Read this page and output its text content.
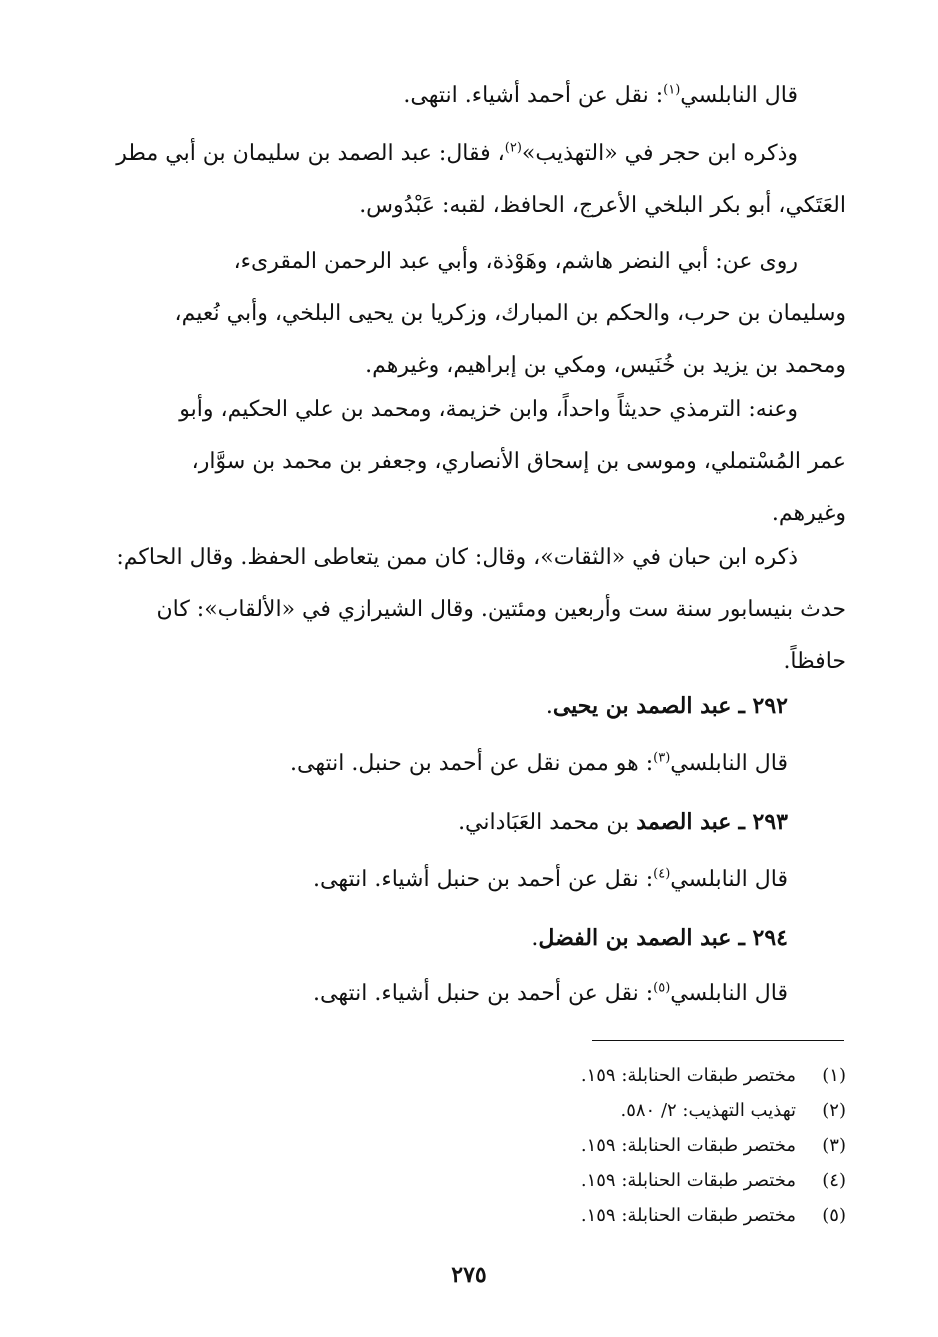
قال النابلسي$^{(١)}$: نقل عن أحمد أشياء. انتهى.

وذكره ابن حجر في «التهذيب»$^{(٢)}$، فقال: عبد الصمد بن سليمان بن أبي مطر
العَتَكي، أبو بكر البلخي الأعرج، الحافظ، لقبه: عَبْدُوس.

روى عن: أبي النضر هاشم، وهَوْذة، وأبي عبد الرحمن المقرىء،
وسليمان بن حرب، والحكم بن المبارك، وزكريا بن يحيى البلخي، وأبي نُعيم،
ومحمد بن يزيد بن خُنَيس، ومكي بن إبراهيم، وغيرهم.

وعنه: الترمذي حديثاً واحداً، وابن خزيمة، ومحمد بن علي الحكيم، وأبو
عمر المُسْتملي، وموسى بن إسحاق الأنصاري، وجعفر بن محمد بن سوَّار،
وغيرهم.

ذكره ابن حبان في «الثقات»، وقال: كان ممن يتعاطى الحفظ. وقال الحاكم:
حدث بنيسابور سنة ست وأربعين ومئتين. وقال الشيرازي في «الألقاب»: كان
حافظاً.

٢٩٢ ـ عبد الصمد بن يحيى.

قال النابلسي$^{(٣)}$: هو ممن نقل عن أحمد بن حنبل. انتهى.

٢٩٣ ـ عبد الصمد بن محمد العَبَاداني.

قال النابلسي$^{(٤)}$: نقل عن أحمد بن حنبل أشياء. انتهى.

٢٩٤ ـ عبد الصمد بن الفضل.

قال النابلسي$^{(٥)}$: نقل عن أحمد بن حنبل أشياء. انتهى.

(١)
مختصر طبقات الحنابلة: ١٥٩.
(٢)
تهذيب التهذيب: ٢/ ٥٨٠.
(٣)
مختصر طبقات الحنابلة: ١٥٩.
(٤)
مختصر طبقات الحنابلة: ١٥٩.
(٥)
مختصر طبقات الحنابلة: ١٥٩.
٢٧٥
